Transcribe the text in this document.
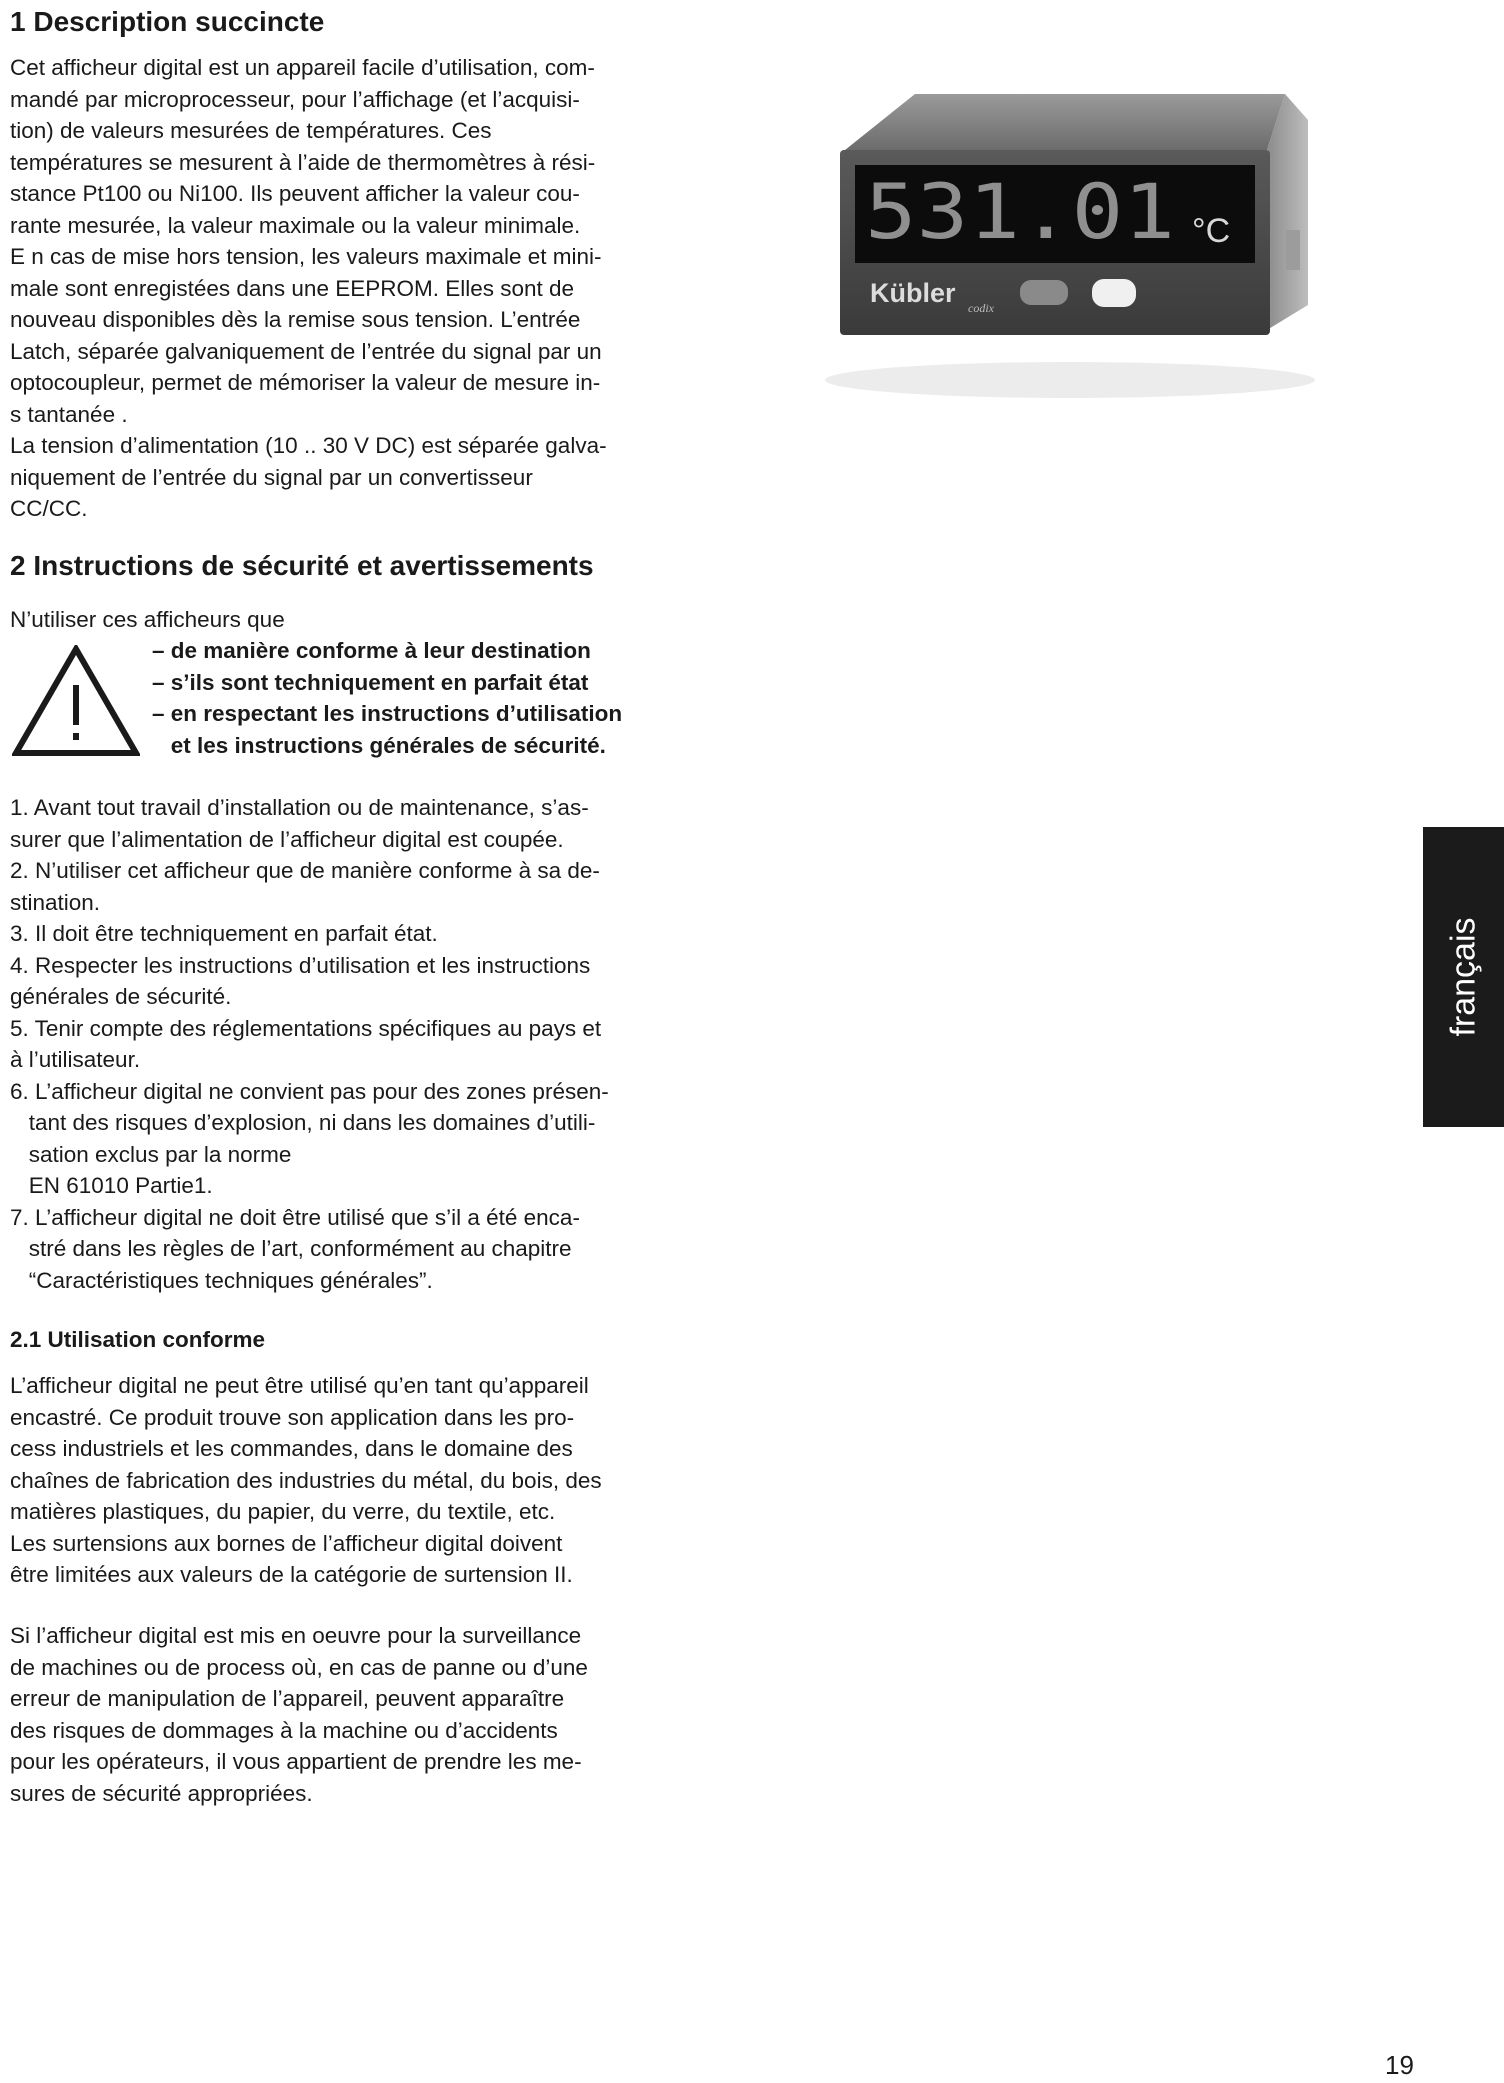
1 Description succincte
Cet afficheur digital est un appareil facile d’utilisation, com-
mandé par microprocesseur, pour l’affichage (et l’acquisi-
tion) de valeurs mesurées de températures. Ces
températures se mesurent à l’aide de thermomètres à rési-
stance Pt100 ou Ni100. Ils peuvent afficher la valeur cou-
rante mesurée, la valeur maximale ou la valeur minimale.
E n cas de mise hors tension, les valeurs maximale et mini-
male sont enregistées dans une EEPROM. Elles sont de
nouveau disponibles dès la remise sous tension. L’entrée
Latch, séparée galvaniquement de l’entrée du signal par un
optocoupleur, permet de mémoriser la valeur de mesure in-
s tantanée .
La tension d’alimentation (10 .. 30 V DC) est séparée galva-
niquement de l’entrée du signal par un convertisseur
CC/CC.
531.01 °C
Kübler codix
2 Instructions de sécurité et avertissements
N’utiliser ces afficheurs que
– de manière conforme à leur destination
– s’ils sont techniquement en parfait état
– en respectant les instructions d’utilisation
et les instructions générales de sécurité.
1. Avant tout travail d’installation ou de maintenance, s’as-
surer que l’alimentation de l’afficheur digital est coupée.
2. N’utiliser cet afficheur que de manière conforme à sa de-
stination.
3. Il doit être techniquement en parfait état.
4. Respecter les instructions d’utilisation et les instructions
générales de sécurité.
5. Tenir compte des réglementations spécifiques au pays et
à l’utilisateur.
6. L’afficheur digital ne convient pas pour des zones présen-
tant des risques d’explosion, ni dans les domaines d’utili-
sation exclus par la norme
EN 61010 Partie1.
7. L’afficheur digital ne doit être utilisé que s’il a été enca-
stré dans les règles de l’art, conformément au chapitre
“Caractéristiques techniques générales”.
2.1 Utilisation conforme
L’afficheur digital ne peut être utilisé qu’en tant qu’appareil
encastré. Ce produit trouve son application dans les pro-
cess industriels et les commandes, dans le domaine des
chaînes de fabrication des industries du métal, du bois, des
matières plastiques, du papier, du verre, du textile, etc.
Les surtensions aux bornes de l’afficheur digital doivent
être limitées aux valeurs de la catégorie de surtension II.
Si l’afficheur digital est mis en oeuvre pour la surveillance
de machines ou de process où, en cas de panne ou d’une
erreur de manipulation de l’appareil, peuvent apparaître
des risques de dommages à la machine ou d’accidents
pour les opérateurs, il vous appartient de prendre les me-
sures de sécurité appropriées.
français
19
